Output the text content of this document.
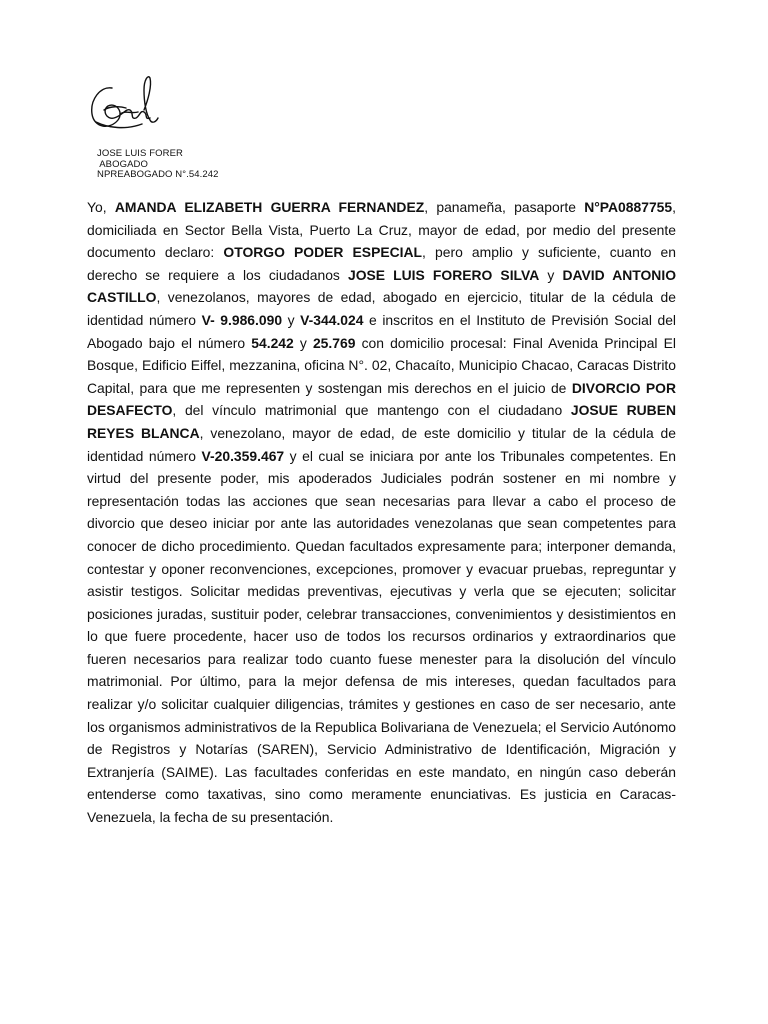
JOSE LUIS FORER
ABOGADO
NPREABOGADO N°.54.242
Yo, AMANDA ELIZABETH GUERRA FERNANDEZ, panameña, pasaporte N°PA0887755, domiciliada en Sector Bella Vista, Puerto La Cruz, mayor de edad, por medio del presente documento declaro: OTORGO PODER ESPECIAL, pero amplio y suficiente, cuanto en derecho se requiere a los ciudadanos JOSE LUIS FORERO SILVA y DAVID ANTONIO CASTILLO, venezolanos, mayores de edad, abogado en ejercicio, titular de la cédula de identidad número V- 9.986.090 y V-344.024 e inscritos en el Instituto de Previsión Social del Abogado bajo el número 54.242 y 25.769 con domicilio procesal: Final Avenida Principal El Bosque, Edificio Eiffel, mezzanina, oficina N°. 02, Chacaíto, Municipio Chacao, Caracas Distrito Capital, para que me representen y sostengan mis derechos en el juicio de DIVORCIO POR DESAFECTO, del vínculo matrimonial que mantengo con el ciudadano JOSUE RUBEN REYES BLANCA, venezolano, mayor de edad, de este domicilio y titular de la cédula de identidad número V-20.359.467 y el cual se iniciara por ante los Tribunales competentes. En virtud del presente poder, mis apoderados Judiciales podrán sostener en mi nombre y representación todas las acciones que sean necesarias para llevar a cabo el proceso de divorcio que deseo iniciar por ante las autoridades venezolanas que sean competentes para conocer de dicho procedimiento. Quedan facultados expresamente para; interponer demanda, contestar y oponer reconvenciones, excepciones, promover y evacuar pruebas, repreguntar y asistir testigos. Solicitar medidas preventivas, ejecutivas y verla que se ejecuten; solicitar posiciones juradas, sustituir poder, celebrar transacciones, convenimientos y desistimientos en lo que fuere procedente, hacer uso de todos los recursos ordinarios y extraordinarios que fueren necesarios para realizar todo cuanto fuese menester para la disolución del vínculo matrimonial. Por último, para la mejor defensa de mis intereses, quedan facultados para realizar y/o solicitar cualquier diligencias, trámites y gestiones en caso de ser necesario, ante los organismos administrativos de la Republica Bolivariana de Venezuela; el Servicio Autónomo de Registros y Notarías (SAREN), Servicio Administrativo de Identificación, Migración y Extranjería (SAIME). Las facultades conferidas en este mandato, en ningún caso deberán entenderse como taxativas, sino como meramente enunciativas. Es justicia en Caracas- Venezuela, la fecha de su presentación.
